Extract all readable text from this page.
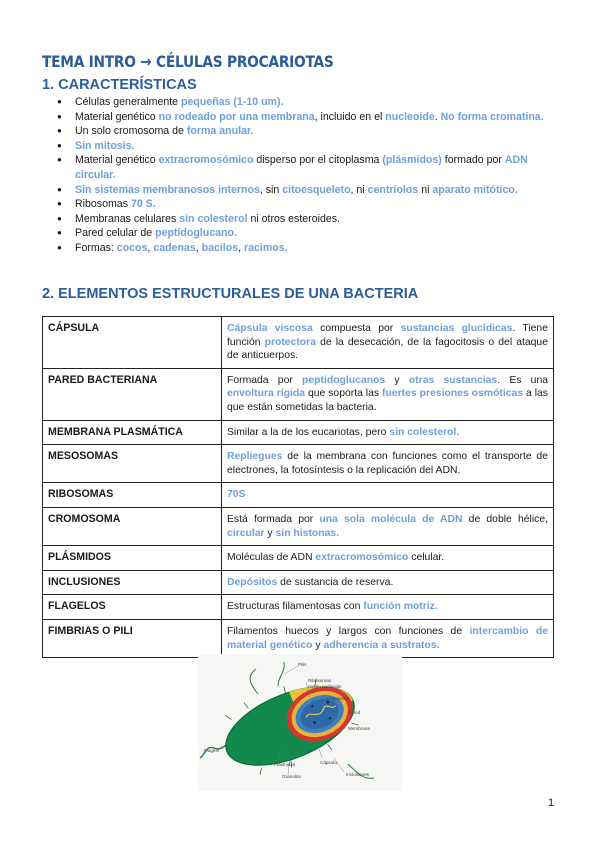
TEMA INTRO → CÉLULAS PROCARIOTAS
1. CARACTERÍSTICAS
● Células generalmente pequeñas (1-10 um).
● Material genético no rodeado por una membrana, incluido en el nucleoide. No forma cromatina.
● Un solo cromosoma de forma anular.
● Sin mitosis.
● Material genético extracromosómico disperso por el citoplasma (plásmidos) formado por ADN circular.
● Sin sistemas membranosos internos, sin citoesqueleto, ni centriolos ni aparato mitótico.
● Ribosomas 70 S.
● Membranas celulares sin colesterol ni otros esteroides.
● Pared celular de peptidoglucano.
● Formas: cocos, cadenas, bacilos, racimos.
2. ELEMENTOS ESTRUCTURALES DE UNA BACTERIA
CÁPSULA	Cápsula viscosa compuesta por sustancias glucídicas. Tiene función protectora de la desecación, de la fagocitosis o del ataque de anticuerpos.
PARED BACTERIANA	Formada por peptidoglucanos y otras sustancias. Es una envoltura rígida que soporta las fuertes presiones osmóticas a las que están sometidas la bacteria.
MEMBRANA PLASMÁTICA	Similar a la de los eucariotas, pero sin colesterol.
MESOSOMAS	Repliegues de la membrana con funciones como el transporte de electrones, la fotosíntesis o la replicación del ADN.
RIBOSOMAS	70S
CROMOSOMA	Está formada por una sola molécula de ADN de doble hélice, circular y sin histonas.
PLÁSMIDOS	Moléculas de ADN extracromosómico celular.
INCLUSIONES	Depósitos de sustancia de reserva.
FLAGELOS	Estructuras filamentosas con función motriz.
FIMBRIAS O PILI	Filamentos huecos y largos con funciones de intercambio de material genético y adherencia a sustratos.
Pilis
Ribosomas
región nucleoide
Citoplasma
Pared
Membrana
Flagelo
Cápsula
Inclusiones
Plásmidos
Gránulos
1
